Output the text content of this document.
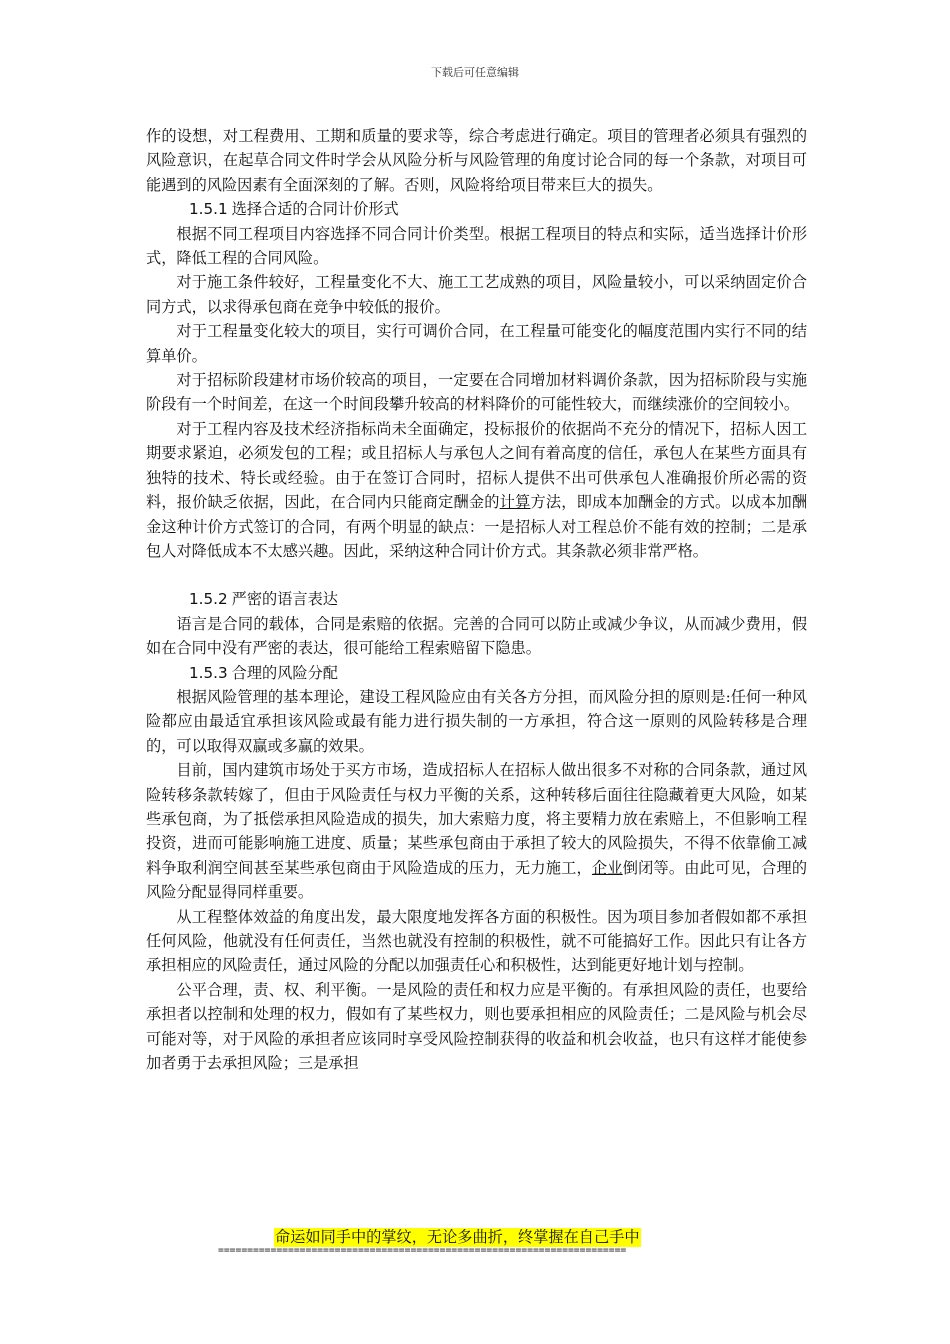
下载后可任意编辑

作的设想，对工程费用、工期和质量的要求等，综合考虑进行确定。项目的管理者必须具有强烈的风险意识，在起草合同文件时学会从风险分析与风险管理的角度讨论合同的每一个条款，对项目可能遇到的风险因素有全面深刻的了解。否则，风险将给项目带来巨大的损失。

1.5.1 选择合适的合同计价形式

根据不同工程项目内容选择不同合同计价类型。根据工程项目的特点和实际，适当选择计价形式，降低工程的合同风险。

对于施工条件较好，工程量变化不大、施工工艺成熟的项目，风险量较小，可以采纳固定价合同方式，以求得承包商在竞争中较低的报价。

对于工程量变化较大的项目，实行可调价合同，在工程量可能变化的幅度范围内实行不同的结算单价。

对于招标阶段建材市场价较高的项目，一定要在合同增加材料调价条款，因为招标阶段与实施阶段有一个时间差，在这一个时间段攀升较高的材料降价的可能性较大，而继续涨价的空间较小。

对于工程内容及技术经济指标尚未全面确定，投标报价的依据尚不充分的情况下，招标人因工期要求紧迫，必须发包的工程；或且招标人与承包人之间有着高度的信任，承包人在某些方面具有独特的技术、特长或经验。由于在签订合同时，招标人提供不出可供承包人准确报价所必需的资料，报价缺乏依据，因此，在合同内只能商定酬金的计算方法，即成本加酬金的方式。以成本加酬金这种计价方式签订的合同，有两个明显的缺点：一是招标人对工程总价不能有效的控制；二是承包人对降低成本不太感兴趣。因此，采纳这种合同计价方式。其条款必须非常严格。

1.5.2 严密的语言表达

语言是合同的载体，合同是索赔的依据。完善的合同可以防止或减少争议，从而减少费用，假如在合同中没有严密的表达，很可能给工程索赔留下隐患。

1.5.3 合理的风险分配

根据风险管理的基本理论，建设工程风险应由有关各方分担，而风险分担的原则是:任何一种风险都应由最适宜承担该风险或最有能力进行损失制的一方承担，符合这一原则的风险转移是合理的，可以取得双赢或多赢的效果。

目前，国内建筑市场处于买方市场，造成招标人在招标人做出很多不对称的合同条款，通过风险转移条款转嫁了，但由于风险责任与权力平衡的关系，这种转移后面往往隐藏着更大风险，如某些承包商，为了抵偿承担风险造成的损失，加大索赔力度，将主要精力放在索赔上，不但影响工程投资，进而可能影响施工进度、质量；某些承包商由于承担了较大的风险损失，不得不依靠偷工减料争取利润空间甚至某些承包商由于风险造成的压力，无力施工，企业倒闭等。由此可见，合理的风险分配显得同样重要。

从工程整体效益的角度出发，最大限度地发挥各方面的积极性。因为项目参加者假如都不承担任何风险，他就没有任何责任，当然也就没有控制的积极性，就不可能搞好工作。因此只有让各方承担相应的风险责任，通过风险的分配以加强责任心和积极性，达到能更好地计划与控制。

公平合理，责、权、利平衡。一是风险的责任和权力应是平衡的。有承担风险的责任，也要给承担者以控制和处理的权力，假如有了某些权力，则也要承担相应的风险责任；二是风险与机会尽可能对等，对于风险的承担者应该同时享受风险控制获得的收益和机会收益，也只有这样才能使参加者勇于去承担风险；三是承担

命运如同手中的掌纹，无论多曲折，终掌握在自己手中
======================================================================
